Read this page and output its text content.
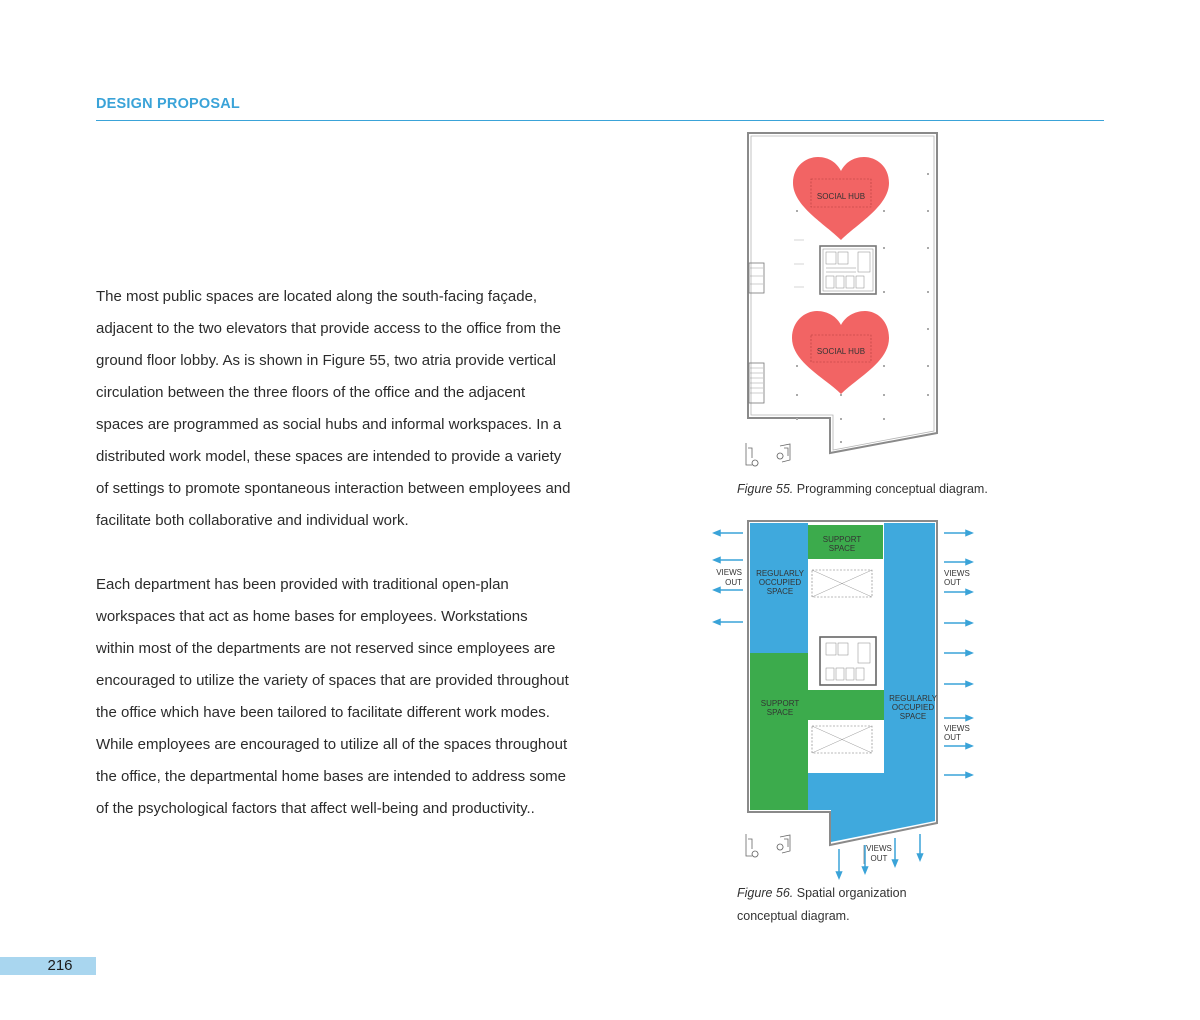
DESIGN PROPOSAL

The most public spaces are located along the south-facing façade,

adjacent to the two elevators that provide access to the office from the

ground floor lobby. As is shown in Figure 55, two atria provide vertical

circulation between the three floors of the office and the adjacent

spaces are programmed as social hubs and informal workspaces. In a

distributed work model, these spaces are intended to provide a variety

of settings to promote spontaneous interaction between employees and

facilitate both collaborative and individual work.

Each department has been provided with traditional open-plan

workspaces that act as home bases for employees. Workstations

within most of the departments are not reserved since employees are

encouraged to utilize the variety of spaces that are provided throughout

the office which have been tailored to facilitate different work modes.

While employees are encouraged to utilize all of the spaces throughout

the office, the departmental home bases are intended to address some

of the psychological factors that affect well-being and productivity..

SOCIAL HUB
SOCIAL HUB
Figure 55. Programming conceptual diagram.
SUPPORT
SPACE
REGULARLY
OCCUPIED
SPACE
SUPPORT
SPACE
REGULARLY
OCCUPIED
SPACE
VIEWS
OUT
VIEWS
OUT
VIEWS
OUT
VIEWS
OUT
Figure 56. Spatial organization
conceptual diagram.
216
